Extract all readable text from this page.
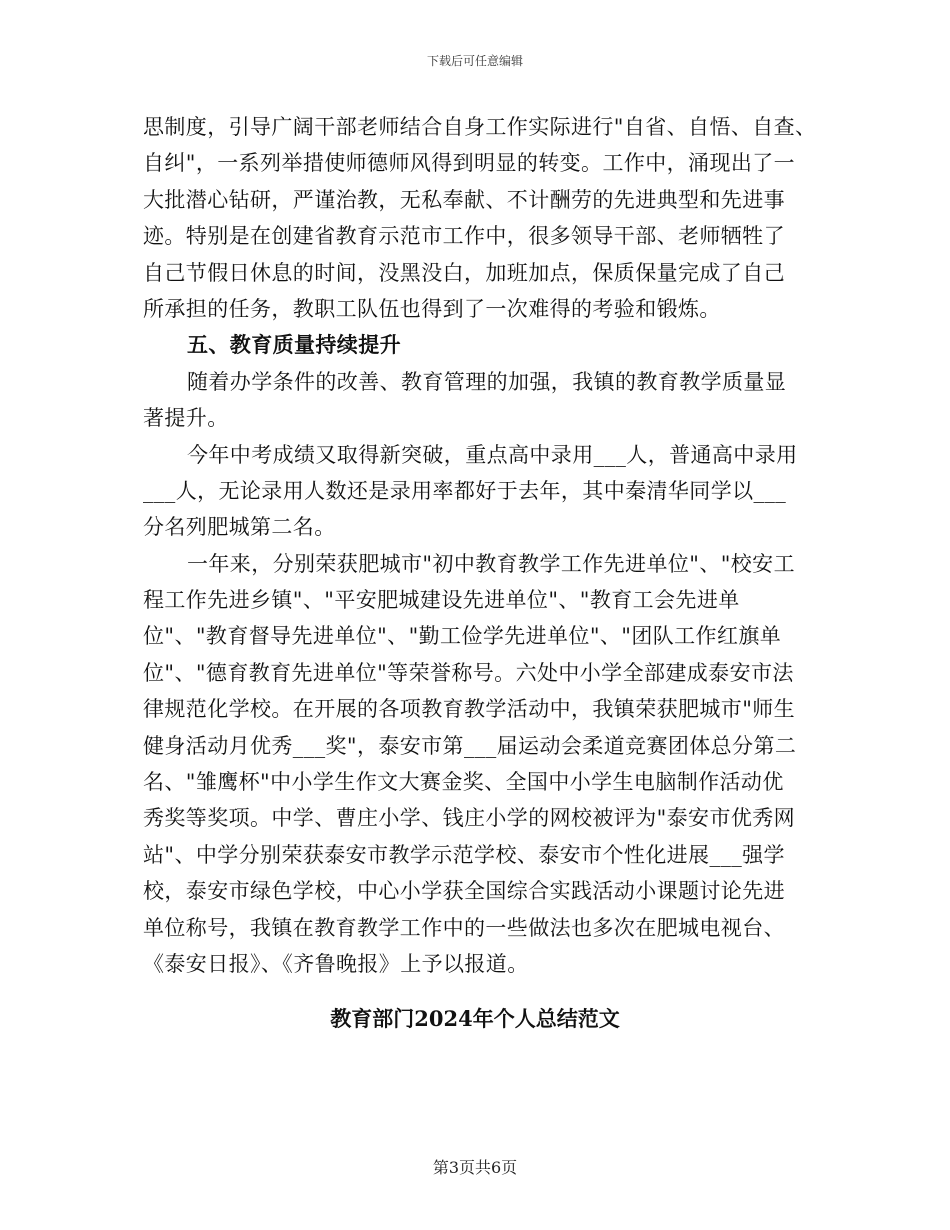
下载后可任意编辑
思制度，引导广阔干部老师结合自身工作实际进行"自省、自悟、自查、
自纠"，一系列举措使师德师风得到明显的转变。工作中，涌现出了一
大批潜心钻研，严谨治教，无私奉献、不计酬劳的先进典型和先进事
迹。特别是在创建省教育示范市工作中，很多领导干部、老师牺牲了
自己节假日休息的时间，没黑没白，加班加点，保质保量完成了自己
所承担的任务，教职工队伍也得到了一次难得的考验和锻炼。
五、教育质量持续提升
随着办学条件的改善、教育管理的加强，我镇的教育教学质量显
著提升。
今年中考成绩又取得新突破，重点高中录用___人，普通高中录用
___人，无论录用人数还是录用率都好于去年，其中秦清华同学以___
分名列肥城第二名。
一年来，分别荣获肥城市"初中教育教学工作先进单位"、"校安工
程工作先进乡镇"、"平安肥城建设先进单位"、"教育工会先进单
位"、"教育督导先进单位"、"勤工俭学先进单位"、"团队工作红旗单
位"、"德育教育先进单位"等荣誉称号。六处中小学全部建成泰安市法
律规范化学校。在开展的各项教育教学活动中，我镇荣获肥城市"师生
健身活动月优秀___奖"，泰安市第___届运动会柔道竞赛团体总分第二
名、"雏鹰杯"中小学生作文大赛金奖、全国中小学生电脑制作活动优
秀奖等奖项。中学、曹庄小学、钱庄小学的网校被评为"泰安市优秀网
站"、中学分别荣获泰安市教学示范学校、泰安市个性化进展___强学
校，泰安市绿色学校，中心小学获全国综合实践活动小课题讨论先进
单位称号，我镇在教育教学工作中的一些做法也多次在肥城电视台、
《泰安日报》、《齐鲁晚报》上予以报道。
教育部门2024年个人总结范文
第3页共6页
